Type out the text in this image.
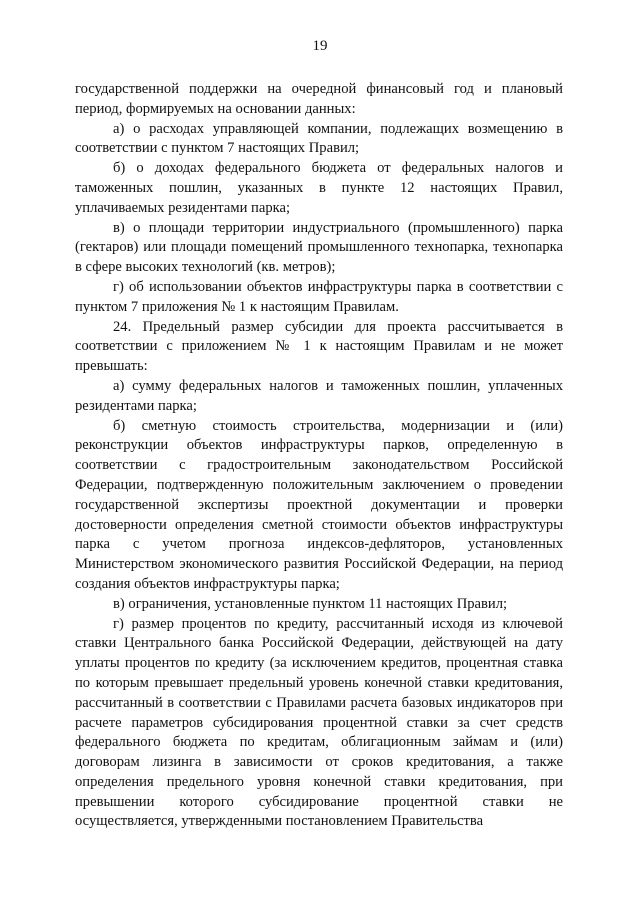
19

государственной поддержки на очередной финансовый год и плановый период, формируемых на основании данных:

а) о расходах управляющей компании, подлежащих возмещению в соответствии с пунктом 7 настоящих Правил;

б) о доходах федерального бюджета от федеральных налогов и таможенных пошлин, указанных в пункте 12 настоящих Правил, уплачиваемых резидентами парка;

в) о площади территории индустриального (промышленного) парка (гектаров) или площади помещений промышленного технопарка, технопарка в сфере высоких технологий (кв. метров);

г) об использовании объектов инфраструктуры парка в соответствии с пунктом 7 приложения № 1 к настоящим Правилам.

24. Предельный размер субсидии для проекта рассчитывается в соответствии с приложением № 1 к настоящим Правилам и не может превышать:

а) сумму федеральных налогов и таможенных пошлин, уплаченных резидентами парка;

б) сметную стоимость строительства, модернизации и (или) реконструкции объектов инфраструктуры парков, определенную в соответствии с градостроительным законодательством Российской Федерации, подтвержденную положительным заключением о проведении государственной экспертизы проектной документации и проверки достоверности определения сметной стоимости объектов инфраструктуры парка с учетом прогноза индексов-дефляторов, установленных Министерством экономического развития Российской Федерации, на период создания объектов инфраструктуры парка;

в) ограничения, установленные пунктом 11 настоящих Правил;

г) размер процентов по кредиту, рассчитанный исходя из ключевой ставки Центрального банка Российской Федерации, действующей на дату уплаты процентов по кредиту (за исключением кредитов, процентная ставка по которым превышает предельный уровень конечной ставки кредитования, рассчитанный в соответствии с Правилами расчета базовых индикаторов при расчете параметров субсидирования процентной ставки за счет средств федерального бюджета по кредитам, облигационным займам и (или) договорам лизинга в зависимости от сроков кредитования, а также определения предельного уровня конечной ставки кредитования, при превышении которого субсидирование процентной ставки не осуществляется, утвержденными постановлением Правительства
